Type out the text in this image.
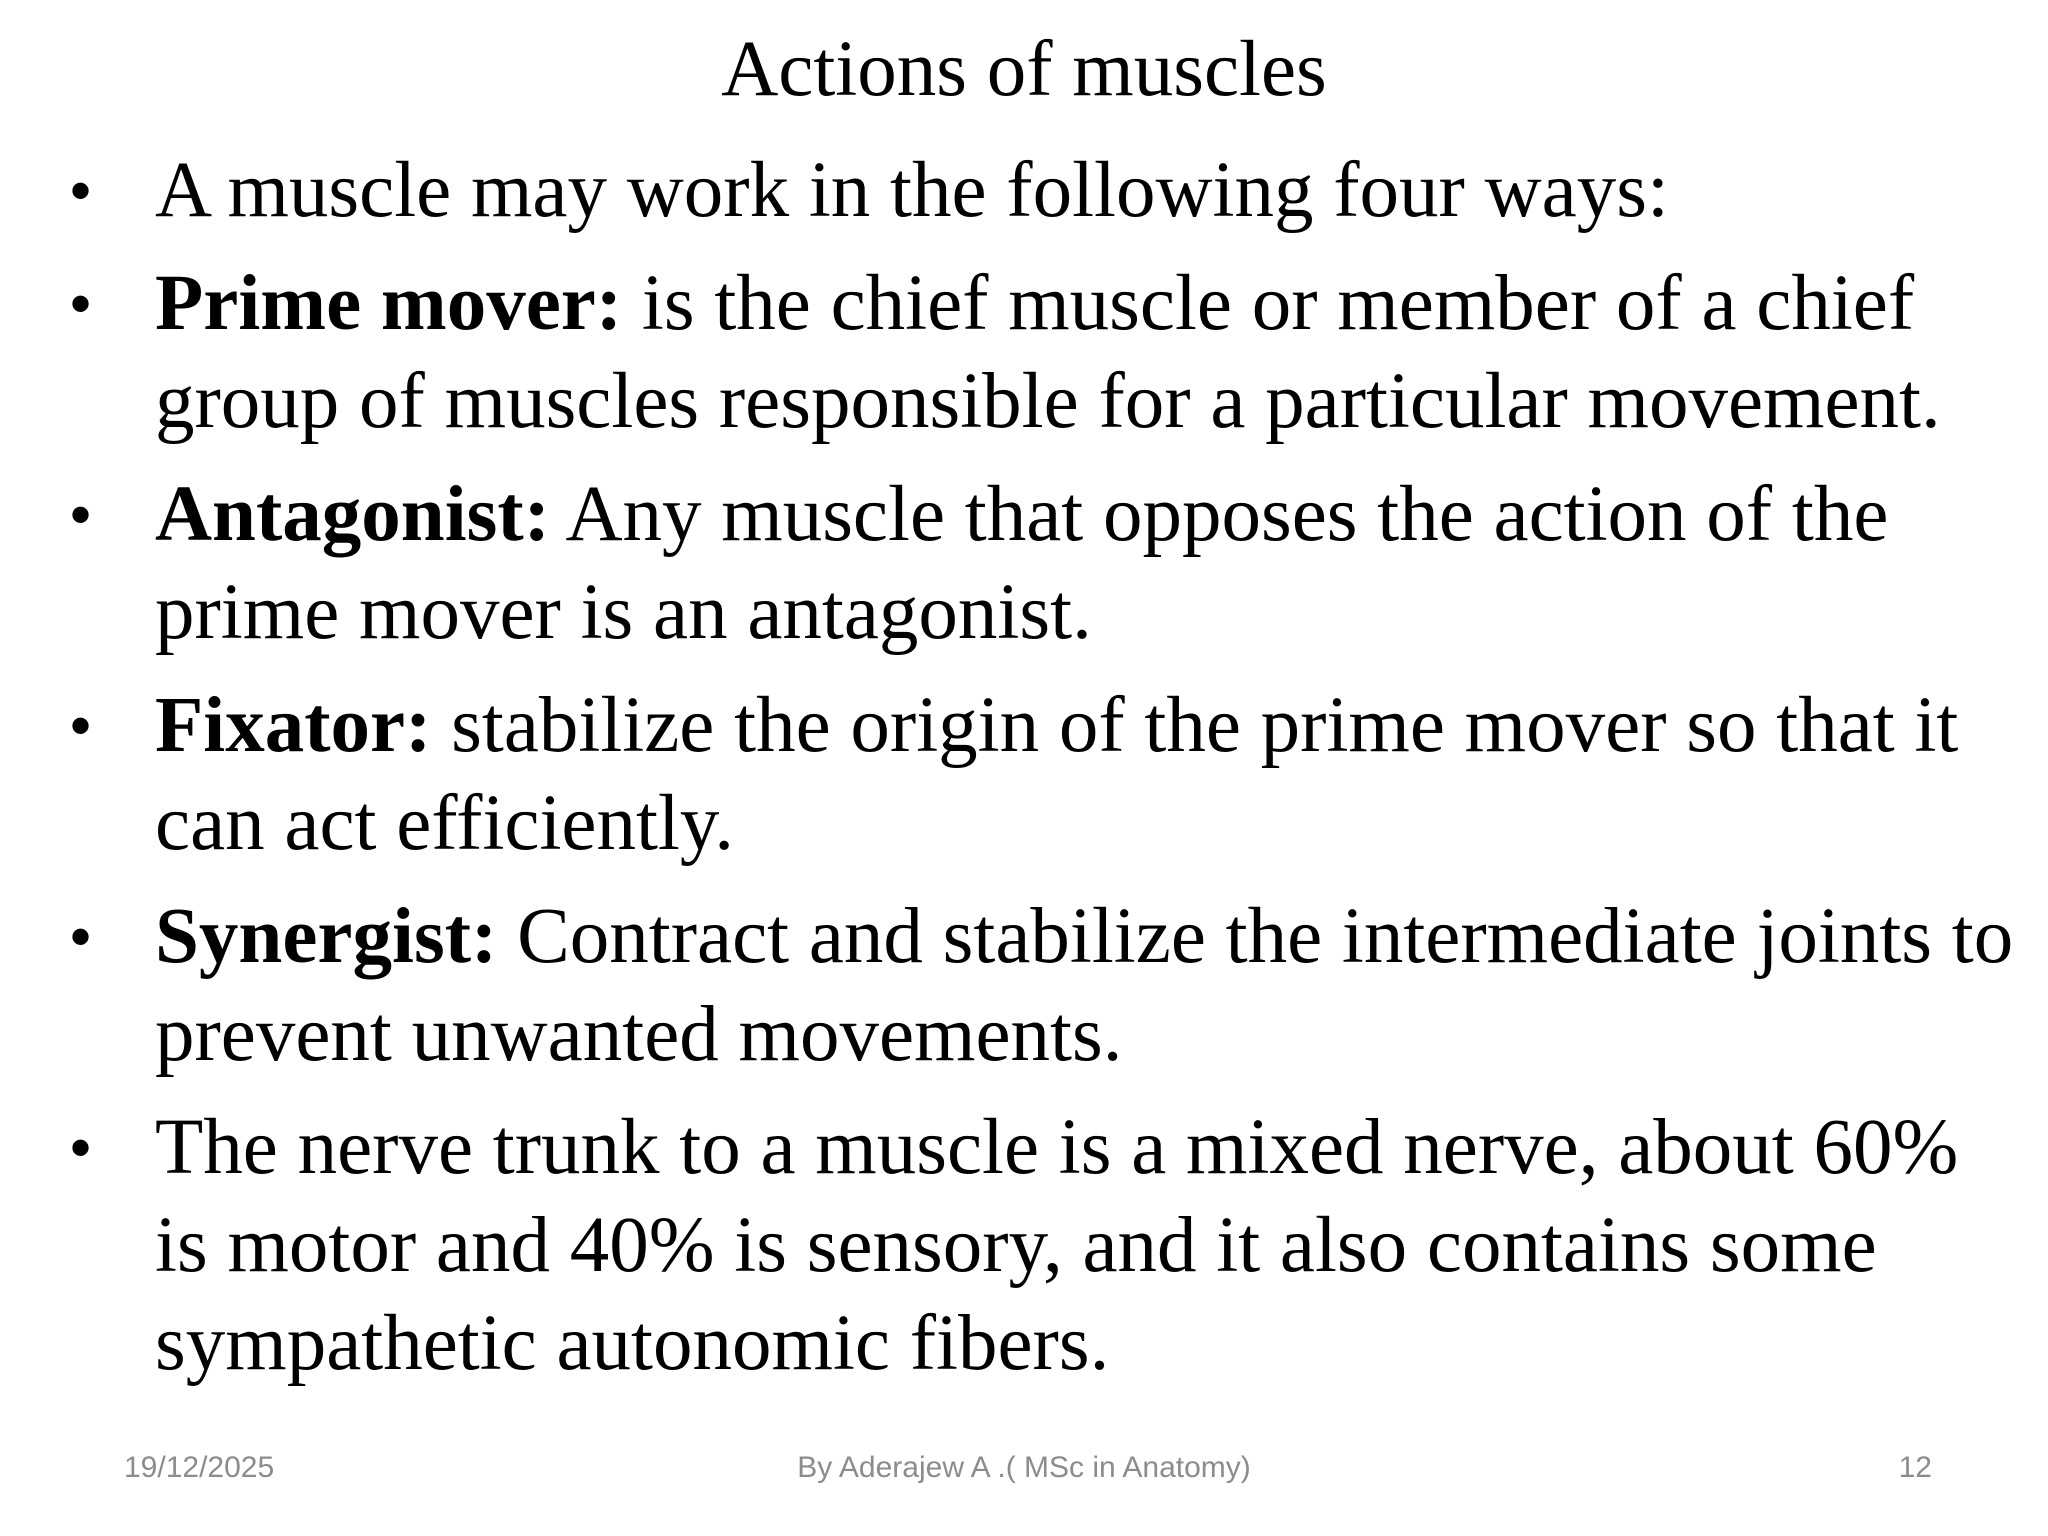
Actions of muscles
• A muscle may work in the following four ways:
• Prime mover: is the chief muscle or member of a chief group of muscles responsible for a particular movement.
• Antagonist: Any muscle that opposes the action of the prime mover is an antagonist.
• Fixator: stabilize the origin of the prime mover so that it can act efficiently.
• Synergist: Contract and stabilize the intermediate joints to prevent unwanted movements.
• The nerve trunk to a muscle is a mixed nerve, about 60% is motor and 40% is sensory, and it also contains some sympathetic autonomic fibers.
19/12/2025	By Aderajew A .( MSc in Anatomy)	12
